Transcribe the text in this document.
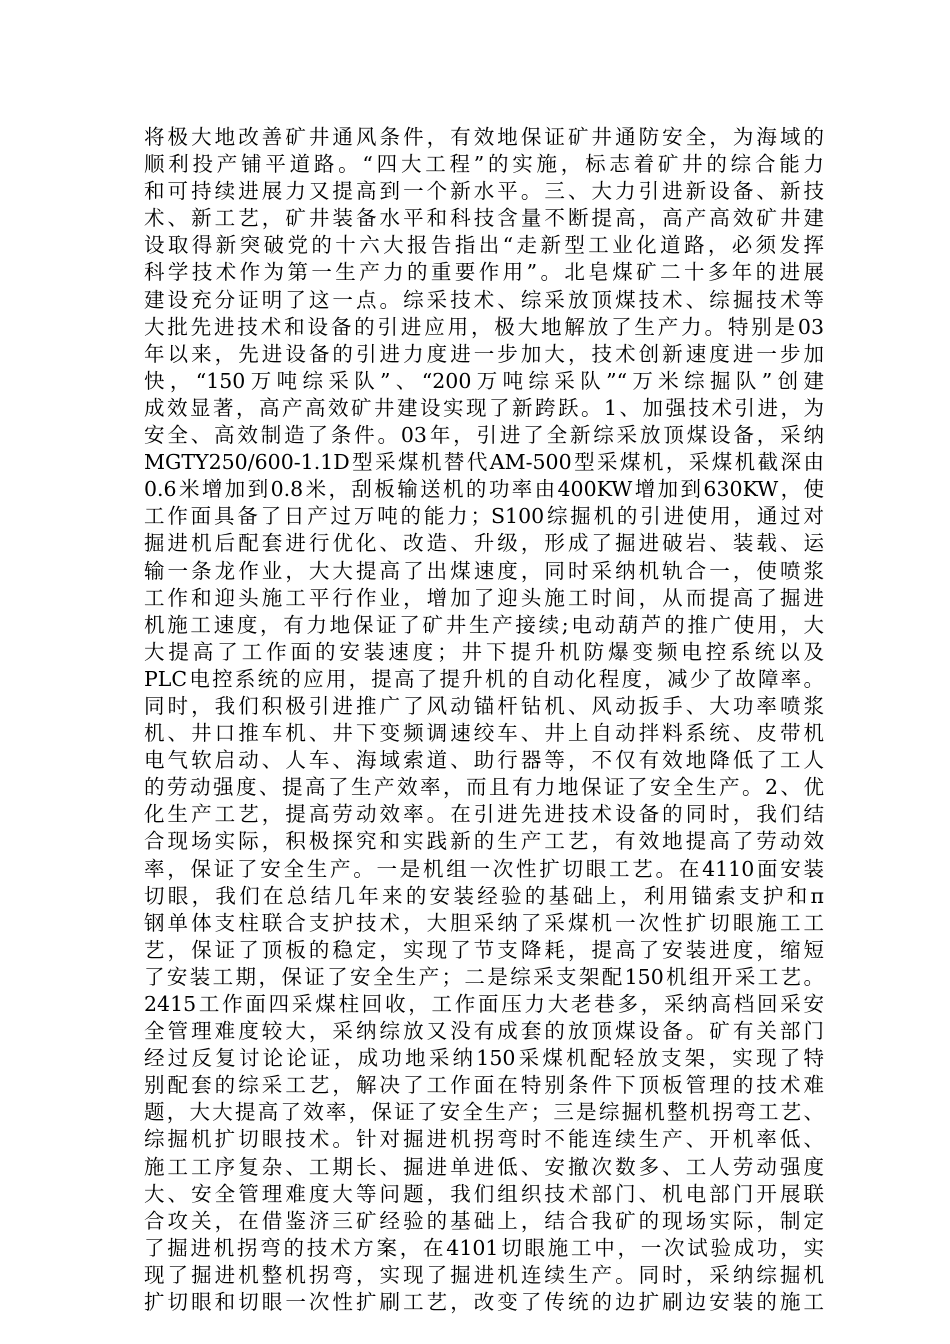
将极大地改善矿井通风条件，有效地保证矿井通防安全，为海域的
顺利投产铺平道路。“四大工程”的实施，标志着矿井的综合能力
和可持续进展力又提高到一个新水平。三、大力引进新设备、新技
术、新工艺，矿井装备水平和科技含量不断提高，高产高效矿井建
设取得新突破党的十六大报告指出“走新型工业化道路，必须发挥
科学技术作为第一生产力的重要作用”。北皂煤矿二十多年的进展
建设充分证明了这一点。综采技术、综采放顶煤技术、综掘技术等
大批先进技术和设备的引进应用，极大地解放了生产力。特别是03
年以来，先进设备的引进力度进一步加大，技术创新速度进一步加
快，“150万吨综采队”、“200万吨综采队”“万米综掘队”创建
成效显著，高产高效矿井建设实现了新跨跃。1、加强技术引进，为
安全、高效制造了条件。03年，引进了全新综采放顶煤设备，采纳
MGTY250/600-1.1D型采煤机替代AM-500型采煤机，采煤机截深由
0.6米增加到0.8米，刮板输送机的功率由400KW增加到630KW，使
工作面具备了日产过万吨的能力；S100综掘机的引进使用，通过对
掘进机后配套进行优化、改造、升级，形成了掘进破岩、装载、运
输一条龙作业，大大提高了出煤速度，同时采纳机轨合一，使喷浆
工作和迎头施工平行作业，增加了迎头施工时间，从而提高了掘进
机施工速度，有力地保证了矿井生产接续;电动葫芦的推广使用，大
大提高了工作面的安装速度；井下提升机防爆变频电控系统以及
PLC电控系统的应用，提高了提升机的自动化程度，减少了故障率。
同时，我们积极引进推广了风动锚杆钻机、风动扳手、大功率喷浆
机、井口推车机、井下变频调速绞车、井上自动拌料系统、皮带机
电气软启动、人车、海域索道、助行器等，不仅有效地降低了工人
的劳动强度、提高了生产效率，而且有力地保证了安全生产。2、优
化生产工艺，提高劳动效率。在引进先进技术设备的同时，我们结
合现场实际，积极探究和实践新的生产工艺，有效地提高了劳动效
率，保证了安全生产。一是机组一次性扩切眼工艺。在4110面安装
切眼，我们在总结几年来的安装经验的基础上，利用锚索支护和π
钢单体支柱联合支护技术，大胆采纳了采煤机一次性扩切眼施工工
艺，保证了顶板的稳定，实现了节支降耗，提高了安装进度，缩短
了安装工期，保证了安全生产；二是综采支架配150机组开采工艺。
2415工作面四采煤柱回收，工作面压力大老巷多，采纳高档回采安
全管理难度较大，采纳综放又没有成套的放顶煤设备。矿有关部门
经过反复讨论论证，成功地采纳150采煤机配轻放支架，实现了特
别配套的综采工艺，解决了工作面在特别条件下顶板管理的技术难
题，大大提高了效率，保证了安全生产；三是综掘机整机拐弯工艺、
综掘机扩切眼技术。针对掘进机拐弯时不能连续生产、开机率低、
施工工序复杂、工期长、掘进单进低、安撤次数多、工人劳动强度
大、安全管理难度大等问题，我们组织技术部门、机电部门开展联
合攻关，在借鉴济三矿经验的基础上，结合我矿的现场实际，制定
了掘进机拐弯的技术方案，在4101切眼施工中，一次试验成功，实
现了掘进机整机拐弯，实现了掘进机连续生产。同时，采纳综掘机
扩切眼和切眼一次性扩刷工艺，改变了传统的边扩刷边安装的施工
